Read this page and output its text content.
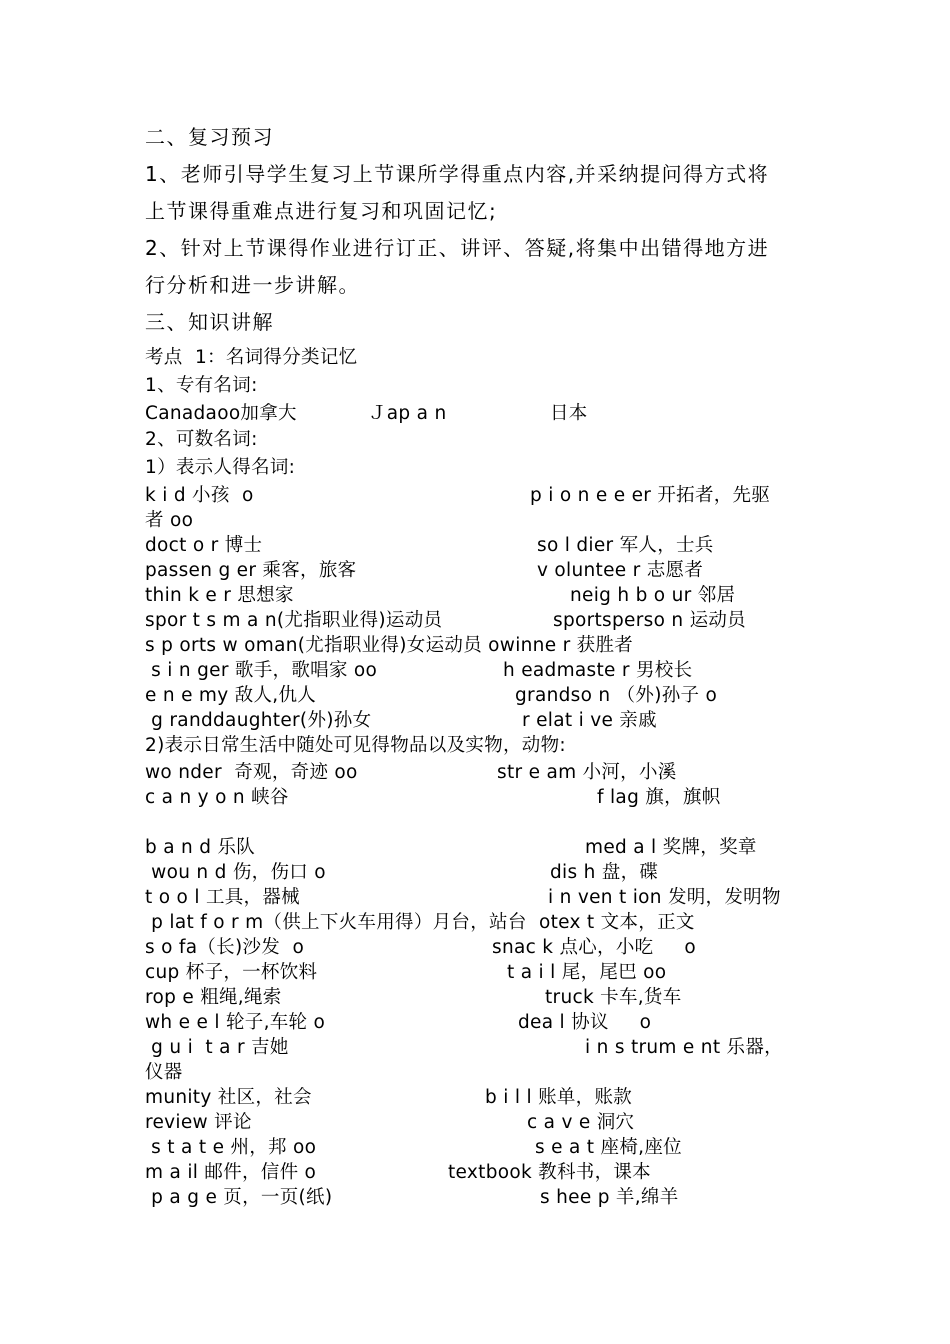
二、复习预习
1、老师引导学生复习上节课所学得重点内容,并采纳提问得方式将
上节课得重难点进行复习和巩固记忆;
2、针对上节课得作业进行订正、讲评、答疑,将集中出错得地方进
行分析和进一步讲解。
三、知识讲解
考点  1：名词得分类记忆
1、专有名词:
Canadaoo加拿大	Ｊap a n	日本
2、可数名词:
1）表示人得名词:
k i d 小孩  o	p i o n e e er 开拓者，先驱
者 oo
doct o r 博士	so l dier 军人，士兵
passen g er 乘客，旅客	v olunteе r 志愿者
thin k e r 思想家	neig h b o ur 邻居
spor t s m a n(尤指职业得)运动员	sportsperso n 运动员
s p orts w oman(尤指职业得)女运动员 owinne r 获胜者
s i n ger 歌手，歌唱家 oo	h eadmaste r 男校长
e n e my 敌人,仇人	grandso n （外)孙子 o
g randdaughter(外)孙女	r elat i ve 亲戚
2)表示日常生活中随处可见得物品以及实物，动物:
wo nder  奇观，奇迹 oo	str e am 小河，小溪
c a n y o n 峡谷	f lag 旗，旗帜
b a n d 乐队	med a l 奖牌，奖章
wou n d 伤，伤口 o	dis h 盘，碟
t o o l 工具，器械	i n ven t ion 发明，发明物
p lat f o r m（供上下火车用得）月台，站台  otex t 文本，正文
s o fa（长)沙发  o	snac k 点心，小吃     o
cup 杯子，一杯饮料	t a i l 尾，尾巴 oo
rop e 粗绳,绳索	truck 卡车,货车
wh e e l 轮子,车轮 o	dea l 协议     o
g u i  t a r 吉她	i n s trum e nt 乐器，
仪器
munity 社区，社会	b i l l 账单，账款
review 评论	c a v e 洞穴
s t a t e 州，邦 oo	s e a t 座椅,座位
m a il 邮件，信件 o	textbook 教科书，课本
p a g e 页，一页(纸)	s hee p 羊,绵羊
